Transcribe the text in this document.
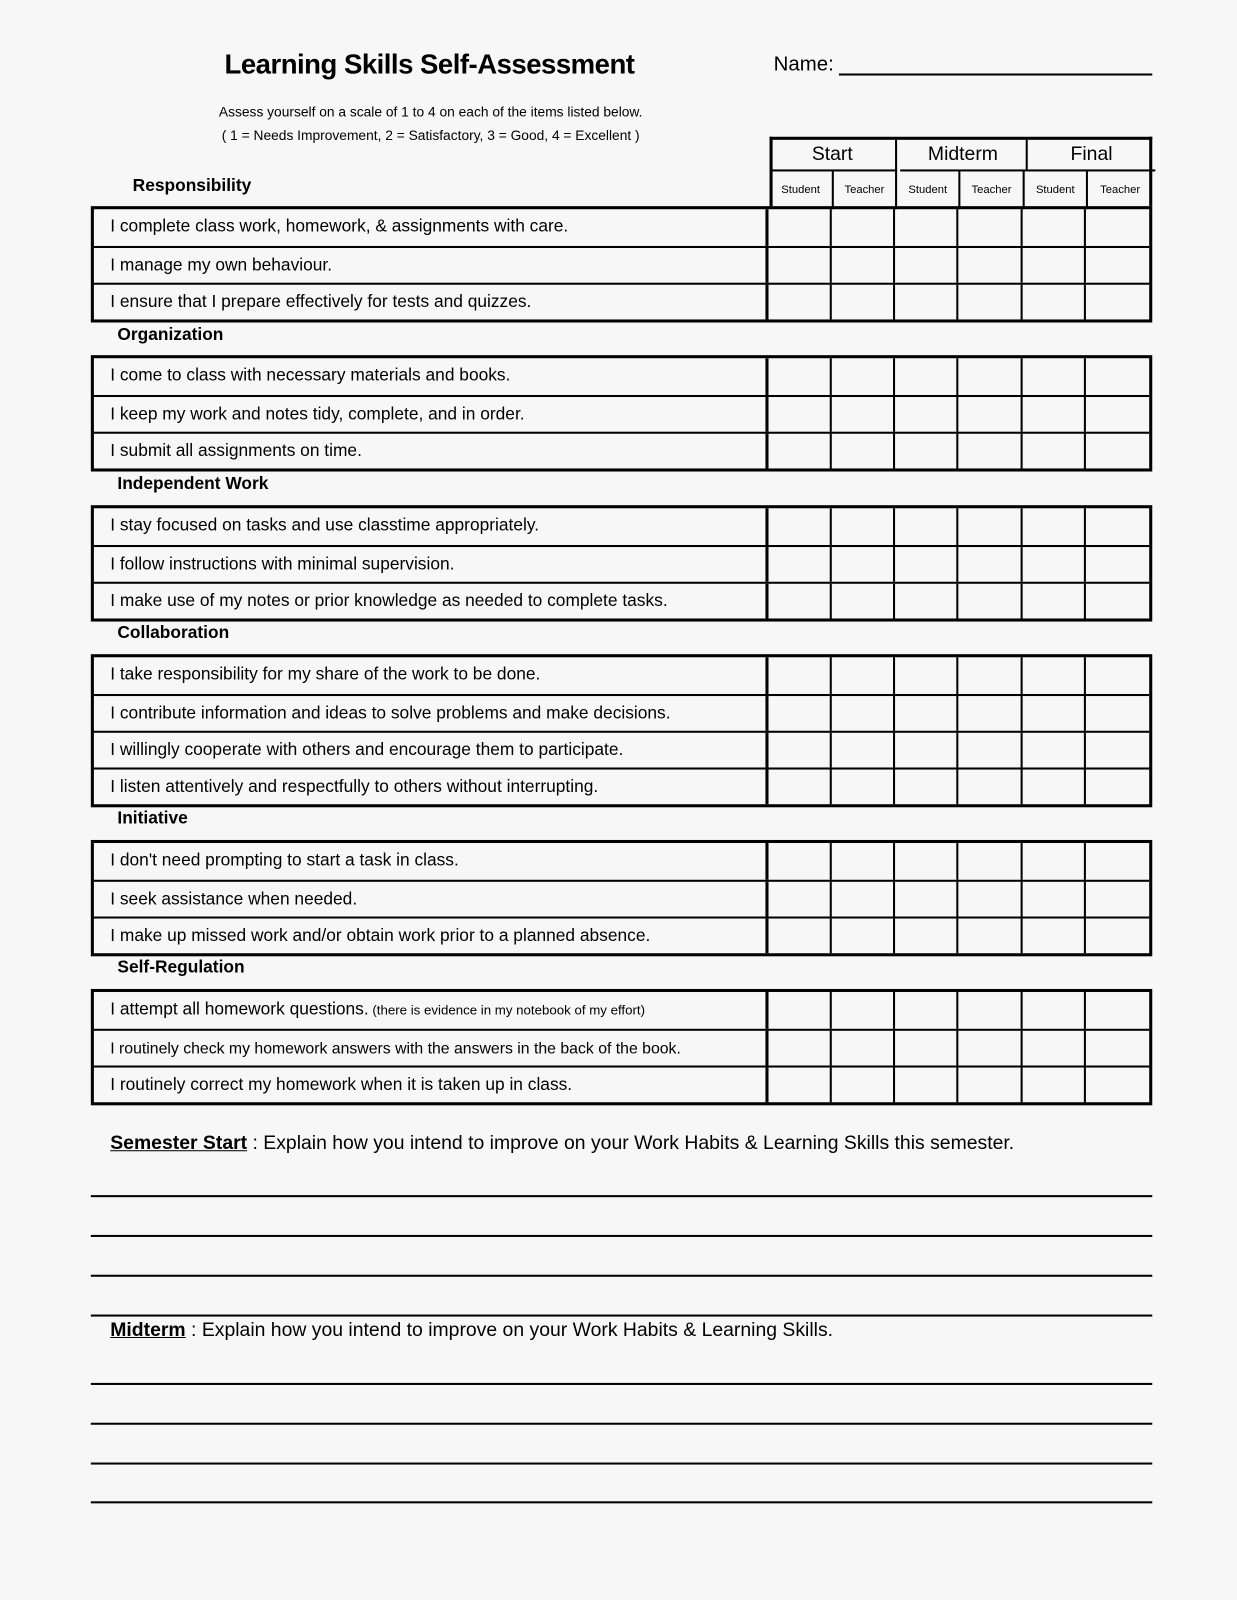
Learning Skills Self-Assessment	Name:
Assess yourself on a scale of 1 to 4 on each of the items listed below.
( 1 = Needs Improvement, 2 = Satisfactory, 3 = Good, 4 = Excellent )
Start
Student	Teacher
Midterm
Student	Teacher
Final
Student	Teacher
Responsibility
I complete class work, homework, & assignments with care.
I manage my own behaviour.
I ensure that I prepare effectively for tests and quizzes.
Organization
I come to class with necessary materials and books.
I keep my work and notes tidy, complete, and in order.
I submit all assignments on time.
Independent Work
I stay focused on tasks and use classtime appropriately.
I follow instructions with minimal supervision.
I make use of my notes or prior knowledge as needed to complete tasks.
Collaboration
I take responsibility for my share of the work to be done.
I contribute information and ideas to solve problems and make decisions.
I willingly cooperate with others and encourage them to participate.
I listen attentively and respectfully to others without interrupting.
Initiative
I don't need prompting to start a task in class.
I seek assistance when needed.
I make up missed work and/or obtain work prior to a planned absence.
Self-Regulation
I attempt all homework questions. (there is evidence in my notebook of my effort)
I routinely check my homework answers with the answers in the back of the book.
I routinely correct my homework when it is taken up in class.
Semester Start : Explain how you intend to improve on your Work Habits & Learning Skills this semester.
Midterm : Explain how you intend to improve on your Work Habits & Learning Skills.
